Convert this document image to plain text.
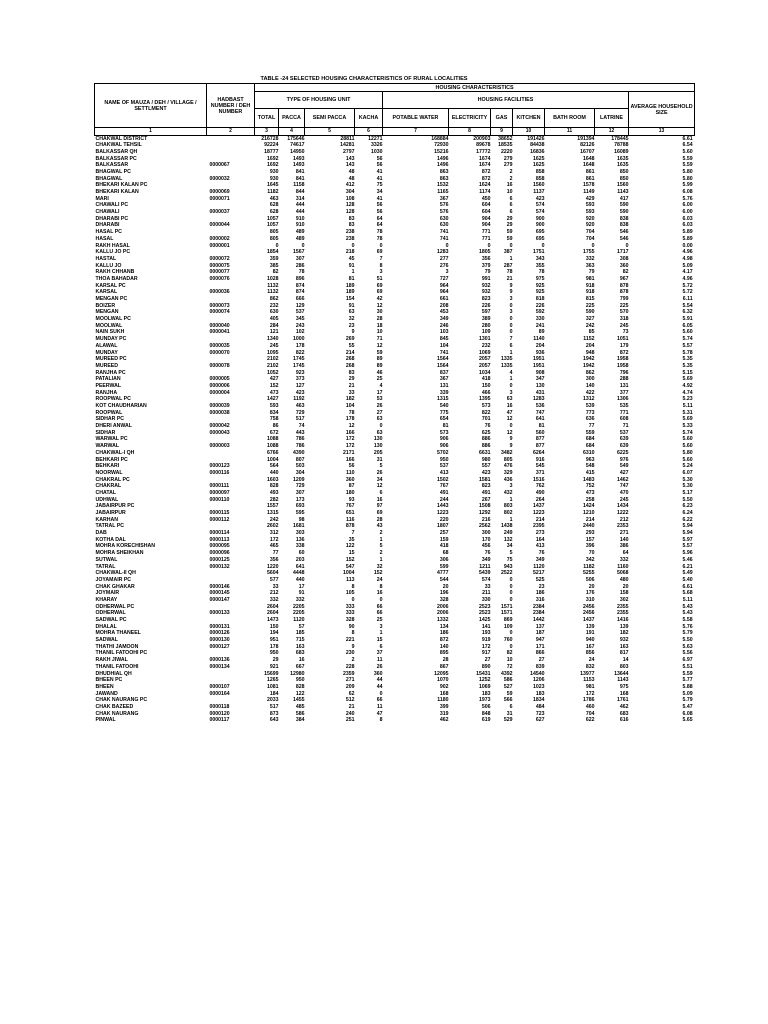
TABLE -24 SELECTED HOUSING CHARACTERISTICS OF RURAL LOCALITIES
NAME OF MAUZA / DEH / VILLAGE / SETTLMENT	HADBAST NUMBER / DEH NUMBER	HOUSING CHARACTERISTICS										
		TYPE OF HOUSING UNIT				HOUSING FACILITIES						AVERAGE HOUSEHOLD SIZE
		TOTAL	PACCA	SEMI PACCA	KACHA	POTABLE WATER	ELECTRICITY	GAS	KITCHEN	BATH ROOM	LATRINE	
1	2	3	4	5	6	7	8	9	10	11	12	13
CHAKWAL DISTRICT		216728	175646	28811	12271	168884	200903	38652	191426	191394	178445	6.61
CHAKWAL TEHSIL		92224	74617	14281	3326	72930	89678	18535	84438	82126	78788	6.54
BALKASSAR QH		18777	14950	2797	1030	15216	17772	2220	16836	16707	16089	5.60
BALKASSAR PC		1692	1493	143	56	1496	1674	279	1625	1648	1635	5.59
BALKASSAR	0000067	1692	1493	143	56	1496	1674	279	1625	1648	1635	5.59
BHAGWAL PC		930	841	48	41	863	872	2	858	861	850	5.80
BHAGWAL	0000032	930	841	48	41	863	872	2	858	861	850	5.80
BHEKARI KALAN PC		1645	1158	412	75	1532	1624	16	1560	1578	1560	5.99
BHEKARI KALAN	0000069	1182	844	304	34	1165	1174	10	1137	1149	1143	6.08
MARI	0000071	463	314	108	41	367	450	6	423	429	417	5.76
CHAWALI PC		628	444	128	56	576	604	6	574	593	590	6.00
CHAWALI	0000037	628	444	128	56	576	604	6	574	593	590	6.00
DHARABI PC		1057	910	83	64	630	904	29	900	920	838	6.03
DHARABI	0000044	1057	910	83	64	630	904	29	900	920	838	6.03
HASAL PC		805	489	238	78	741	771	59	695	704	546	5.89
HASAL	0000002	805	489	238	78	741	771	59	695	704	546	5.89
RAKH HASAL	0000001	0	0	0	0	0	0	0	0	0	0	0.00
KALLU JO PC		1854	1567	218	69	1283	1805	387	1751	1755	1717	4.96
HASTAL	0000072	359	307	45	7	277	356	1	343	332	308	4.98
KALLU JO	0000075	385	286	91	8	276	379	287	355	363	360	5.09
RAKH CHHANB	0000077	82	78	1	3	3	79	78	78	79	82	4.17
THOA BAHADAR	0000076	1028	896	81	51	727	991	21	975	981	967	4.96
KARSAL PC		1132	874	189	69	964	932	9	925	918	878	5.72
KARSAL	0000036	1132	874	189	69	964	932	9	925	918	878	5.72
MENGAN PC		862	666	154	42	661	823	3	818	815	799	6.11
BOIZER	0000073	232	129	91	12	208	226	0	226	225	225	5.54
MENGAN	0000074	630	537	63	30	453	597	3	592	590	570	6.32
MOOLWAL PC		405	345	32	28	349	389	0	330	327	318	5.91
MOOLWAL	0000040	284	243	23	18	246	280	0	241	242	245	6.05
NAIN SUKH	0000041	121	102	9	10	103	109	0	89	85	73	5.60
MUNDAY PC		1340	1000	269	71	845	1301	7	1140	1152	1051	5.74
ALAWAL	0000035	245	178	55	12	104	232	6	204	204	179	5.57
MUNDAY	0000070	1095	822	214	59	741	1069	1	936	948	872	5.78
MUREED PC		2102	1745	268	89	1564	2057	1335	1951	1942	1958	5.35
MUREED	0000078	2102	1745	268	89	1564	2057	1335	1951	1942	1958	5.35
RANJHA PC		1052	923	83	46	837	1034	4	908	862	796	5.15
PATALIAN	0000005	427	373	29	25	367	418	1	347	300	288	5.69
PEERWAL	0000006	152	127	21	4	131	150	0	130	140	131	4.92
RANJHA	0000004	473	423	33	17	339	466	3	431	422	377	4.74
ROOPWAL PC		1427	1192	182	53	1315	1395	63	1283	1312	1306	5.23
KOT CHAUDHARIAN	0000039	593	463	104	26	540	573	16	536	539	535	5.11
ROOPWAL	0000038	834	729	78	27	775	822	47	747	773	771	5.31
SIDHAR PC		758	517	178	63	654	701	12	641	636	608	5.69
DHERI ANWAL	0000042	86	74	12	0	81	76	0	81	77	71	5.33
SIDHAR	0000043	672	443	166	63	573	625	12	560	559	537	5.74
WARWAL PC		1088	786	172	130	906	886	9	877	684	639	5.60
WARWAL	0000003	1088	786	172	130	906	886	9	877	684	639	5.60
CHAKWAL-I QH		6766	4390	2171	205	5702	6631	3482	6264	6310	6225	5.80
BEHKARI PC		1004	807	166	31	950	980	805	916	963	976	5.60
BEHKARI	0000123	564	503	56	5	537	557	476	545	548	549	5.24
NOORWAL	0000116	440	304	110	26	413	423	329	371	415	427	6.07
CHAKRAL PC		1603	1209	360	34	1502	1581	436	1516	1483	1462	5.30
CHAKRAL	0000111	828	729	87	12	767	823	3	762	752	747	5.30
CHATAL	0000097	493	307	180	6	491	491	432	490	473	470	5.17
UDHWAL	0000110	282	173	93	16	244	267	1	264	258	245	5.50
JABAIRPUR PC		1557	693	767	97	1443	1508	803	1437	1424	1434	6.23
JABAIRPUR	0000115	1315	595	651	69	1223	1292	802	1223	1210	1222	6.24
KARHAN	0000112	242	98	116	28	220	216	1	214	214	212	6.22
TATRAL PC		2602	1681	878	43	1807	2562	1438	2395	2440	2353	5.94
DAB	0000114	312	303	7	2	257	300	249	273	293	271	5.94
KOTHA DAL	0000113	172	136	35	1	159	170	132	164	157	140	5.97
MOHRA KORECHISHAN	0000095	465	338	122	5	418	456	34	413	396	386	5.57
MOHRA SHEIKHAN	0000096	77	60	15	2	68	76	5	76	70	64	5.96
SUTWAL	0000125	356	203	152	1	306	349	75	349	342	332	5.46
TATRAL	0000132	1220	641	547	32	599	1211	943	1120	1182	1160	6.21
CHAKWAL-II QH		5604	4448	1004	152	4777	5439	2522	5217	5255	5068	5.49
JOYAMAIR PC		577	440	113	24	544	574	0	525	506	480	5.40
CHAK GHAKAR	0000146	33	17	8	8	20	33	0	23	20	20	6.61
JOYMAIR	0000145	212	91	105	16	196	211	0	186	176	158	5.68
KHARAY	0000147	332	332	0	0	328	330	0	316	310	302	5.11
ODHERWAL PC		2604	2205	333	66	2006	2523	1571	2384	2456	2355	5.43
ODHERWAL	0000133	2604	2205	333	66	2006	2523	1571	2384	2456	2355	5.43
SADWAL PC		1473	1120	328	25	1332	1425	869	1442	1437	1416	5.58
DHALAL	0000131	150	57	90	3	134	141	109	137	139	139	5.76
MOHRA THANEEL	0000126	194	185	8	1	186	193	0	187	191	182	5.79
SADWAL	0000130	951	715	221	15	872	919	760	947	940	932	5.50
THATHI JAMOON	0000127	178	163	9	6	140	172	0	171	167	163	5.63
THANIL FATOOHI PC		950	683	230	37	895	917	82	866	856	817	5.56
RAKH JIWAL	0000136	29	16	2	11	28	27	10	27	24	14	6.97
THANIL FATOOHI	0000134	921	667	228	26	867	890	72	839	832	803	5.51
DHUDHIAL QH		15699	12980	2359	360	12095	15431	4392	14540	13977	13644	5.59
BHEEN PC		1265	950	271	44	1070	1252	586	1206	1153	1143	5.77
BHEEN	0000107	1081	828	209	44	902	1069	527	1023	981	975	5.88
JAWAND	0000164	184	122	62	0	168	183	59	183	172	168	5.09
CHAK NAURANG PC		2033	1455	512	66	1180	1973	566	1834	1786	1761	5.79
CHAK BAZEED	0000118	517	485	21	11	399	506	6	484	460	462	5.47
CHAK NAURANG	0000120	873	586	240	47	319	848	31	723	704	683	6.08
PINWAL	0000117	643	384	251	8	462	619	529	627	622	616	5.65
